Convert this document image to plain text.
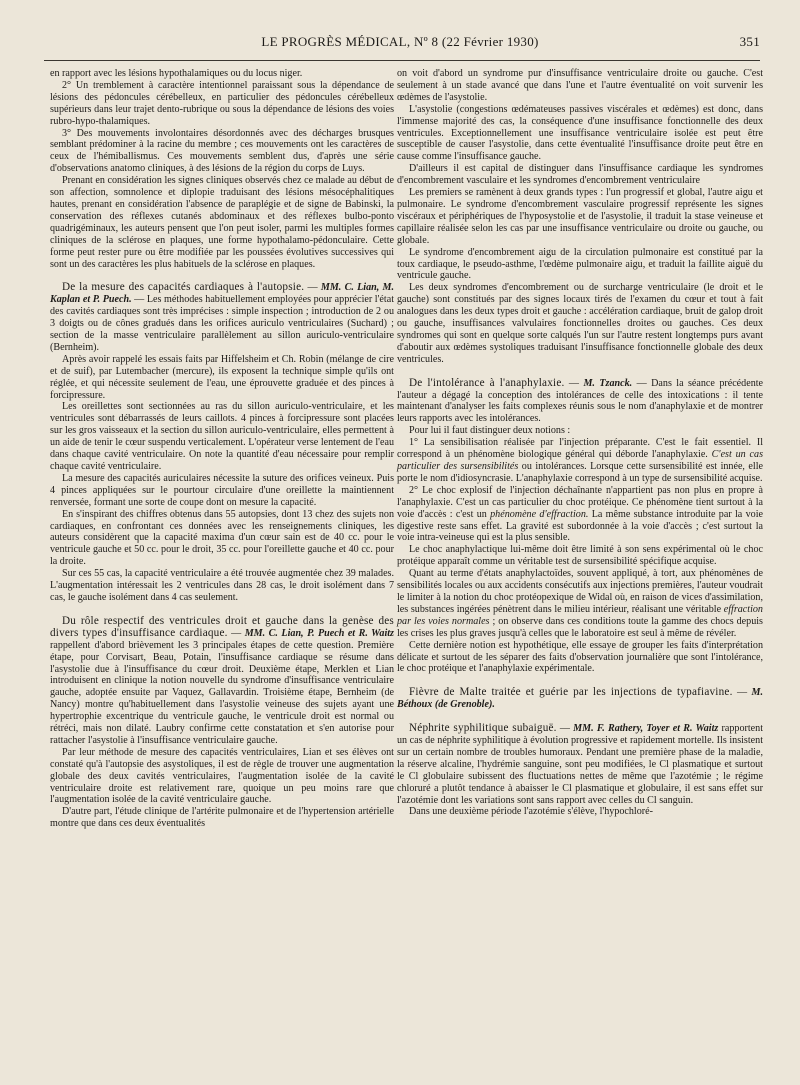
LE PROGRÈS MÉDICAL, Nº 8 (22 Février 1930)	351

en rapport avec les lésions hypothalamiques ou du locus niger.

2° Un tremblement à caractère intentionnel paraissant sous la dépendance de lésions des pédoncules cérébelleux, en particulier des pédoncules cérébelleux supérieurs dans leur trajet dento-rubrique ou sous la dépendance de lésions des voies rubro-hypo-thalamiques.

3° Des mouvements involontaires désordonnés avec des décharges brusques semblant prédominer à la racine du membre ; ces mouvements ont les caractères de ceux de l'hémiballismus. Ces mouvements semblent dus, d'après une série d'observations anatomo cliniques, à des lésions de la région du corps de Luys.

Prenant en considération les signes cliniques observés chez ce malade au début de son affection, somnolence et diplopie traduisant des lésions mésocéphalitiques hautes, prenant en considération l'absence de paraplégie et de signe de Babinski, la conservation des réflexes cutanés abdominaux et des réflexes bulbo-ponto quadrigéminaux, les auteurs pensent que l'on peut isoler, parmi les multiples formes cliniques de la sclérose en plaques, une forme hypothalamo-pédonculaire. Cette forme peut rester pure ou être modifiée par les poussées évolutives successives qui sont un des caractères les plus habituels de la sclérose en plaques.

De la mesure des capacités cardiaques à l'autopsie. — MM. C. Lian, M. Kaplan et P. Puech. — Les méthodes habituellement employées pour apprécier l'état des cavités cardiaques sont très imprécises : simple inspection ; introduction de 2 ou 3 doigts ou de cônes gradués dans les orifices auriculo ventriculaires (Suchard) ; section de la masse ventriculaire parallèlement au sillon auriculo-ventriculaire (Bernheim).

Après avoir rappelé les essais faits par Hiffelsheim et Ch. Robin (mélange de cire et de suif), par Lutembacher (mercure), ils exposent la technique simple qu'ils ont réglée, et qui nécessite seulement de l'eau, une éprouvette graduée et des pinces à forcipressure.

Les oreillettes sont sectionnées au ras du sillon auriculo-ventriculaire, et les ventricules sont débarrassés de leurs caillots. 4 pinces à forcipressure sont placées sur les gros vaisseaux et la section du sillon auriculo-ventriculaire, elles permettent à un aide de tenir le cœur suspendu verticalement. L'opérateur verse lentement de l'eau dans chaque cavité ventriculaire. On note la quantité d'eau nécessaire pour remplir chaque cavité ventriculaire.

La mesure des capacités auriculaires nécessite la suture des orifices veineux. Puis 4 pinces appliquées sur le pourtour circulaire d'une oreillette la maintiennent renversée, formant une sorte de coupe dont on mesure la capacité.

En s'inspirant des chiffres obtenus dans 55 autopsies, dont 13 chez des sujets non cardiaques, en confrontant ces données avec les renseignements cliniques, les auteurs considèrent que la capacité maxima d'un cœur sain est de 40 cc. pour le ventricule gauche et 50 cc. pour le droit, 35 cc. pour l'oreillette gauche et 40 cc. pour la droite.

Sur ces 55 cas, la capacité ventriculaire a été trouvée augmentée chez 39 malades. L'augmentation intéressait les 2 ventricules dans 28 cas, le droit isolément dans 7 cas, le gauche isolément dans 4 cas seulement.

Du rôle respectif des ventricules droit et gauche dans la genèse des divers types d'insuffisance cardiaque. — MM. C. Lian, P. Puech et R. Waitz rappellent d'abord brièvement les 3 principales étapes de cette question. Première étape, pour Corvisart, Beau, Potain, l'insuffisance cardiaque se résume dans l'asystolie due à l'insuffisance du cœur droit. Deuxième étape, Merklen et Lian introduisent en clinique la notion nouvelle du syndrome d'insuffisance ventriculaire gauche, adoptée ensuite par Vaquez, Gallavardin. Troisième étape, Bernheim (de Nancy) montre qu'habituellement dans l'asystolie veineuse des sujets ayant une hypertrophie excentrique du ventricule gauche, le ventricule droit est normal ou rétréci, mais non dilaté. Laubry confirme cette constatation et s'en autorise pour rattacher l'asystolie à l'insuffisance ventriculaire gauche.

Par leur méthode de mesure des capacités ventriculaires, Lian et ses élèves ont constaté qu'à l'autopsie des asystoliques, il est de règle de trouver une augmentation globale des deux cavités ventriculaires, l'augmentation isolée de la cavité ventriculaire droite est relativement rare, quoique un peu moins rare que l'augmentation isolée de la cavité ventriculaire gauche.

D'autre part, l'étude clinique de l'artérite pulmonaire et de l'hypertension artérielle montre que dans ces deux éventualités

on voit d'abord un syndrome pur d'insuffisance ventriculaire droite ou gauche. C'est seulement à un stade avancé que dans l'une et l'autre éventualité on voit survenir les œdèmes de l'asystolie.

L'asystolie (congestions œdémateuses passives viscérales et œdèmes) est donc, dans l'immense majorité des cas, la conséquence d'une insuffisance fonctionnelle des deux ventricules. Exceptionnellement une insuffisance ventriculaire isolée est peut être susceptible de causer l'asystolie, dans cette éventualité l'insuffisance droite peut être en cause comme l'insuffisance gauche.

D'ailleurs il est capital de distinguer dans l'insuffisance cardiaque les syndromes d'encombrement vasculaire et les syndromes d'encombrement ventriculaire

Les premiers se ramènent à deux grands types : l'un progressif et global, l'autre aigu et pulmonaire. Le syndrome d'encombrement vasculaire progressif représente les signes viscéraux et périphériques de l'hyposystolie et de l'asystolie, il traduit la stase veineuse et capillaire réalisée selon les cas par une insuffisance ventriculaire ou droite ou gauche, ou globale.

Le syndrome d'encombrement aigu de la circulation pulmonaire est constitué par la toux cardiaque, le pseudo-asthme, l'œdème pulmonaire aigu, et traduit la faillite aiguë du ventricule gauche.

Les deux syndromes d'encombrement ou de surcharge ventriculaire (le droit et le gauche) sont constitués par des signes locaux tirés de l'examen du cœur et tout à fait analogues dans les deux types droit et gauche : accélération cardiaque, bruit de galop droit ou gauche, insuffisances valvulaires fonctionnelles droites ou gauches. Ces deux syndromes qui sont en quelque sorte calqués l'un sur l'autre restent longtemps purs avant d'aboutir aux œdèmes systoliques traduisant l'insuffisance fonctionnelle globale des deux ventricules.

De l'intolérance à l'anaphylaxie. — M. Tzanck. — Dans la séance précédente l'auteur a dégagé la conception des intolérances de celle des intoxications : il tente maintenant d'analyser les faits complexes réunis sous le nom d'anaphylaxie et de montrer leurs rapports avec les intolérances.

Pour lui il faut distinguer deux notions :

1° La sensibilisation réalisée par l'injection préparante. C'est le fait essentiel. Il correspond à un phénomène biologique général qui déborde l'anaphylaxie. C'est un cas particulier des sursensibilités ou intolérances. Lorsque cette sursensibilité est innée, elle porte le nom d'idiosyncrasie. L'anaphylaxie correspond à un type de sursensibilité acquise.

2° Le choc explosif de l'injection déchaînante n'appartient pas non plus en propre à l'anaphylaxie. C'est un cas particulier du choc protéique. Ce phénomène tient surtout à la voie d'accès : c'est un phénomène d'effraction. La même substance introduite par la voie digestive reste sans effet. La gravité est subordonnée à la voie d'accès ; c'est surtout la voie intra-veineuse qui est la plus sensible.

Le choc anaphylactique lui-même doit être limité à son sens expérimental où le choc protéique apparaît comme un véritable test de sursensibilité spécifique acquise.

Quant au terme d'états anaphylactoïdes, souvent appliqué, à tort, aux phénomènes de sensibilités locales ou aux accidents consécutifs aux injections premières, l'auteur voudrait le limiter à la notion du choc protéopexique de Widal où, en raison de vices d'assimilation, les substances ingérées pénètrent dans le milieu intérieur, réalisant une véritable effraction par les voies normales ; on observe dans ces conditions toute la gamme des chocs depuis les crises les plus graves jusqu'à celles que le laboratoire est seul à même de révéler.

Cette dernière notion est hypothétique, elle essaye de grouper les faits d'interprétation délicate et surtout de les séparer des faits d'observation journalière que sont l'intolérance, le choc protéique et l'anaphylaxie expérimentale.

Fièvre de Malte traitée et guérie par les injections de typafiavine. — M. Béthoux (de Grenoble).

Néphrite syphilitique subaiguë. — MM. F. Rathery, Toyer et R. Waitz rapportent un cas de néphrite syphilitique à évolution progressive et rapidement mortelle. Ils insistent sur un certain nombre de troubles humoraux. Pendant une première phase de la maladie, la réserve alcaline, l'hydrémie sanguine, sont peu modifiées, le Cl plasmatique et surtout le Cl globulaire subissent des fluctuations nettes de même que l'azotémie ; le régime chloruré a plutôt tendance à abaisser le Cl plasmatique et globulaire, il est sans effet sur l'azotémie dont les variations sont sans rapport avec celles du Cl sanguin.

Dans une deuxième période l'azotémie s'élève, l'hypochloré-
